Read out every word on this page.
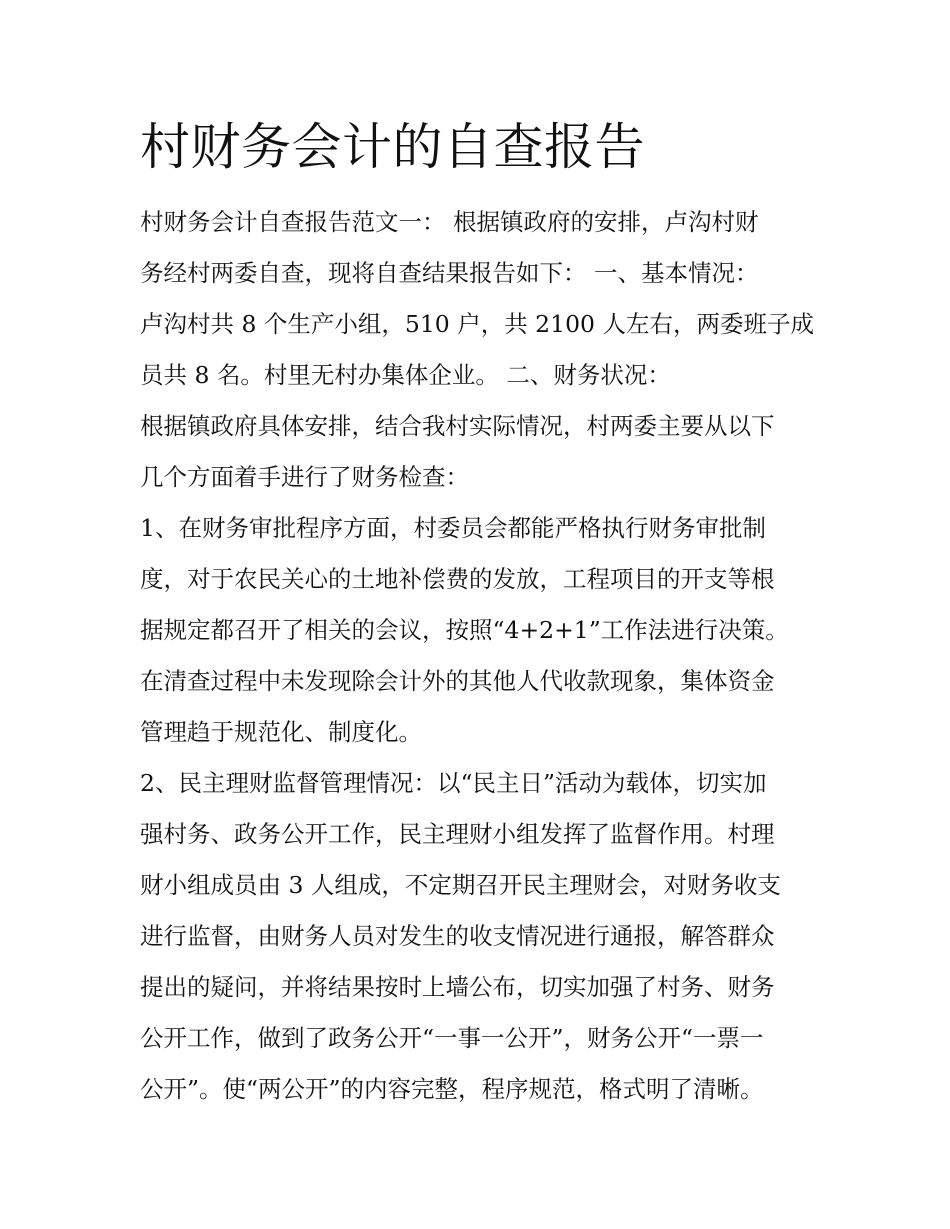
村财务会计的自查报告
村财务会计自查报告范文一： 根据镇政府的安排，卢沟村财
务经村两委自查，现将自查结果报告如下： 一、基本情况：
卢沟村共 8 个生产小组，510 户，共 2100 人左右，两委班子成
员共 8 名。村里无村办集体企业。 二、财务状况：
根据镇政府具体安排，结合我村实际情况，村两委主要从以下
几个方面着手进行了财务检查：
1、在财务审批程序方面，村委员会都能严格执行财务审批制
度，对于农民关心的土地补偿费的发放，工程项目的开支等根
据规定都召开了相关的会议，按照“4+2+1”工作法进行决策。
在清查过程中未发现除会计外的其他人代收款现象，集体资金
管理趋于规范化、制度化。
2、民主理财监督管理情况：以“民主日”活动为载体，切实加
强村务、政务公开工作，民主理财小组发挥了监督作用。村理
财小组成员由 3 人组成，不定期召开民主理财会，对财务收支
进行监督，由财务人员对发生的收支情况进行通报，解答群众
提出的疑问，并将结果按时上墙公布，切实加强了村务、财务
公开工作，做到了政务公开“一事一公开”，财务公开“一票一
公开”。使“两公开”的内容完整，程序规范，格式明了清晰。
